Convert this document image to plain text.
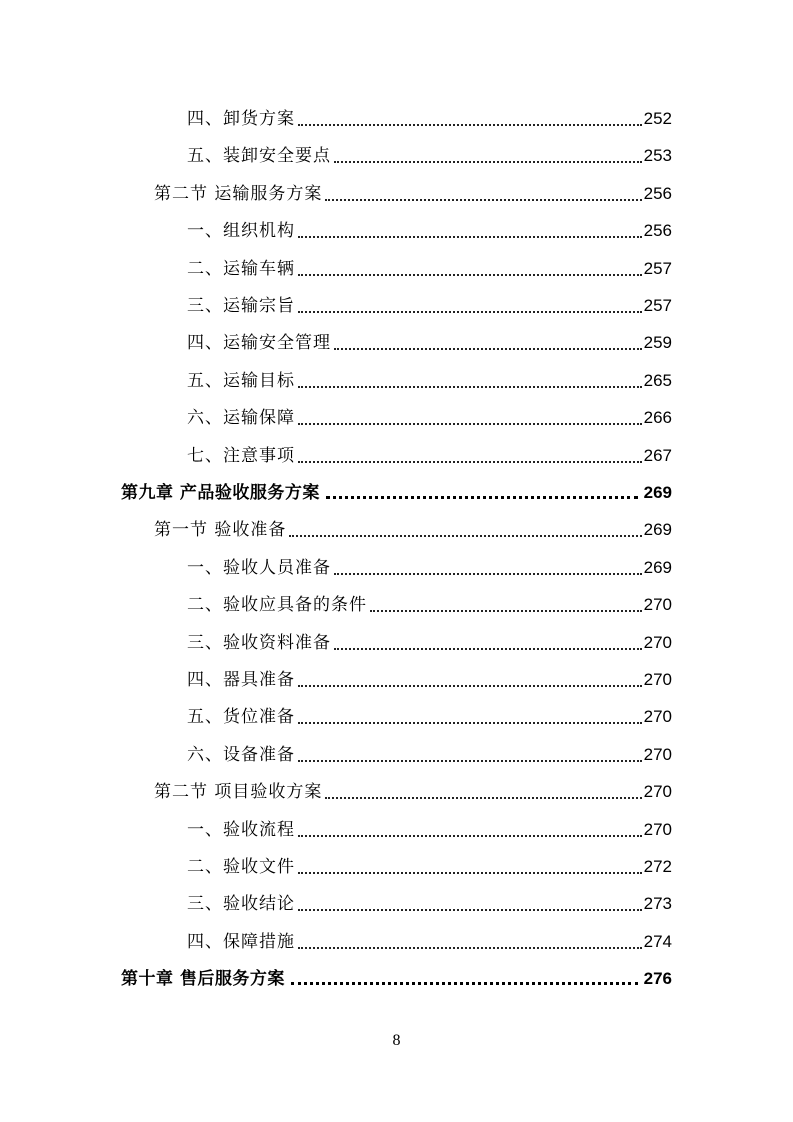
四、卸货方案	252
五、装卸安全要点	253
第二节 运输服务方案	256
一、组织机构	256
二、运输车辆	257
三、运输宗旨	257
四、运输安全管理	259
五、运输目标	265
六、运输保障	266
七、注意事项	267
第九章 产品验收服务方案	269
第一节 验收准备	269
一、验收人员准备	269
二、验收应具备的条件	270
三、验收资料准备	270
四、器具准备	270
五、货位准备	270
六、设备准备	270
第二节 项目验收方案	270
一、验收流程	270
二、验收文件	272
三、验收结论	273
四、保障措施	274
第十章 售后服务方案	276
8
